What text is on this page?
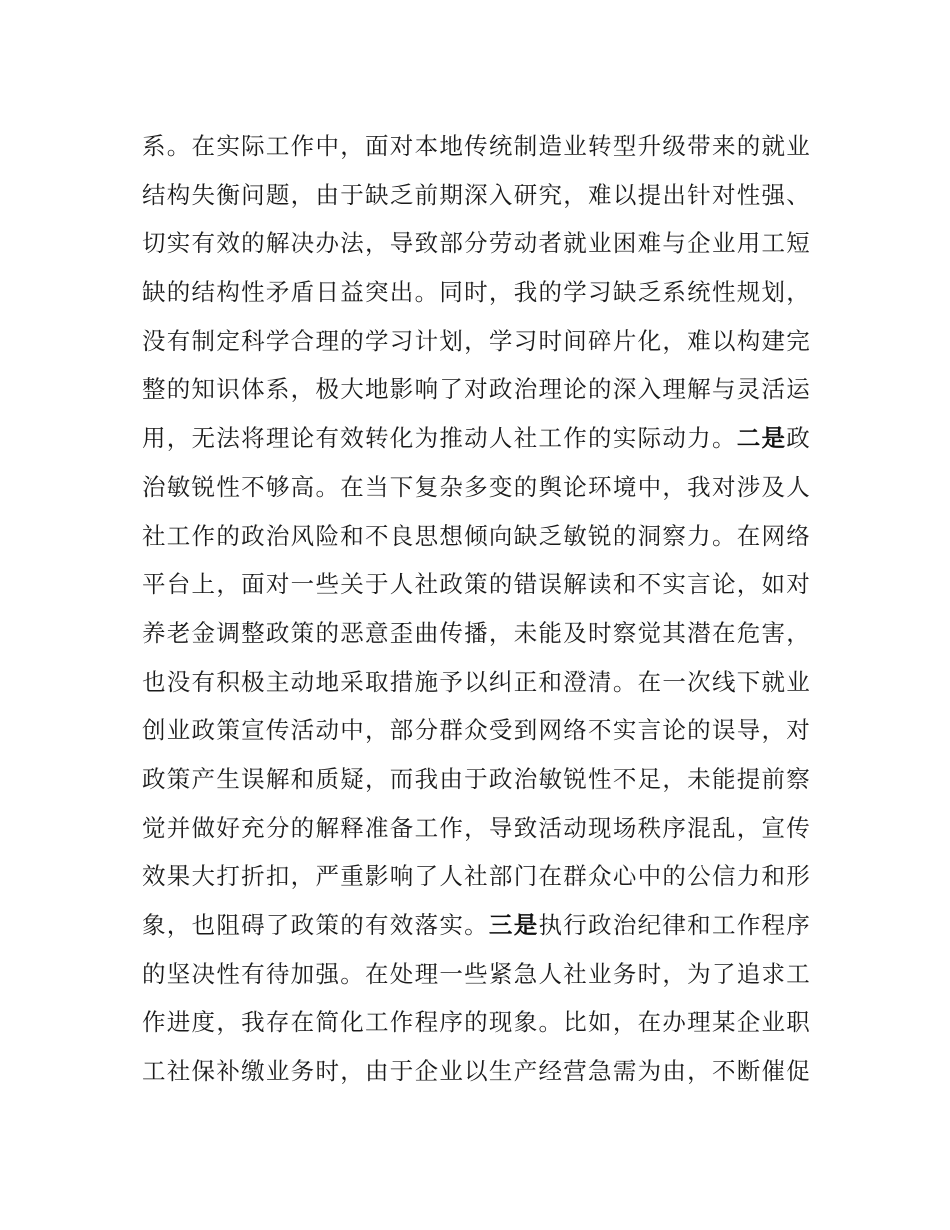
系。在实际工作中，面对本地传统制造业转型升级带来的就业
结构失衡问题，由于缺乏前期深入研究，难以提出针对性强、
切实有效的解决办法，导致部分劳动者就业困难与企业用工短
缺的结构性矛盾日益突出。同时，我的学习缺乏系统性规划，
没有制定科学合理的学习计划，学习时间碎片化，难以构建完
整的知识体系，极大地影响了对政治理论的深入理解与灵活运
用，无法将理论有效转化为推动人社工作的实际动力。二是政
治敏锐性不够高。在当下复杂多变的舆论环境中，我对涉及人
社工作的政治风险和不良思想倾向缺乏敏锐的洞察力。在网络
平台上，面对一些关于人社政策的错误解读和不实言论，如对
养老金调整政策的恶意歪曲传播，未能及时察觉其潜在危害，
也没有积极主动地采取措施予以纠正和澄清。在一次线下就业
创业政策宣传活动中，部分群众受到网络不实言论的误导，对
政策产生误解和质疑，而我由于政治敏锐性不足，未能提前察
觉并做好充分的解释准备工作，导致活动现场秩序混乱，宣传
效果大打折扣，严重影响了人社部门在群众心中的公信力和形
象，也阻碍了政策的有效落实。三是执行政治纪律和工作程序
的坚决性有待加强。在处理一些紧急人社业务时，为了追求工
作进度，我存在简化工作程序的现象。比如，在办理某企业职
工社保补缴业务时，由于企业以生产经营急需为由，不断催促
